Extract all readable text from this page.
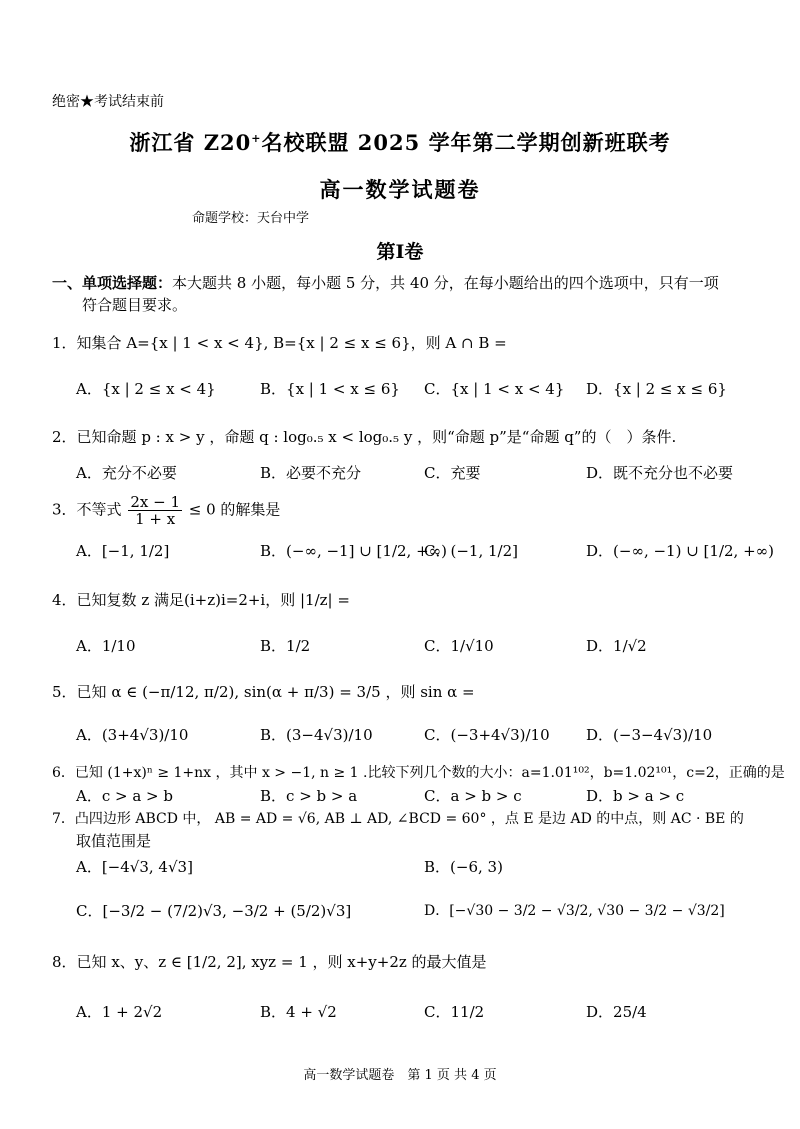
绝密★考试结束前
浙江省 Z20+名校联盟 2025 学年第二学期创新班联考
高一数学试题卷
命题学校：天台中学
第Ⅰ卷
一、单项选择题：本大题共 8 小题，每小题 5 分，共 40 分，在每小题给出的四个选项中，只有一项
符合题目要求。
1．知集合 A={x | 1 < x < 4}, B={x | 2 ≤ x ≤ 6}，则 A ∩ B =
A．{x | 2 ≤ x < 4}	B．{x | 1 < x ≤ 6} C．{x | 1 < x < 4} D．{x | 2 ≤ x ≤ 6}
2．已知命题 p : x > y ，命题 q : log₀.₅ x < log₀.₅ y ，则“命题 p”是“命题 q”的（　）条件.
A．充分不必要	B．必要不充分	C．充要	D．既不充分也不必要
3．不等式 $\frac{2x - 1}{1 + x} \le 0$ 的解集是
A．[−1, 1/2]	B．(−∞, −1] ∪ [1/2, +∞)
C．(−1, 1/2]	D．(−∞, −1) ∪ [1/2, +∞)
4．已知复数 z 满足(i+z)i=2+i，则 |1/z| =
A．1/10	B．1/2	C．1/√10	D．1/√2
5．已知 α ∈ (−π/12, π/2), sin(α + π/3) = 3/5 ，则 sin α =
A．(3+4√3)/10	B．(3−4√3)/10	C．(−3+4√3)/10 D．(−3−4√3)/10
6．已知 (1+x)ⁿ ≥ 1+nx ，其中 x > −1, n ≥ 1 .比较下列几个数的大小：a=1.01¹⁰²，b=1.02¹⁰¹，c=2，正确的是
A．c > a > b	B．c > b > a	C．a > b > c	D．b > a > c
7．凸四边形 ABCD 中， AB = AD = √6, AB ⊥ AD, ∠BCD = 60° ，点 E 是边 AD 的中点，则 AC · BE 的
取值范围是
A．[−4√3, 4√3]	B．(−6, 3)
C．[−3/2 − (7/2)√3, −3/2 + (5/2)√3]	D．[−√30 − 3/2 − √3/2, √30 − 3/2 − √3/2]
8．已知 x、y、z ∈ [1/2, 2], xyz = 1 ，则 x+y+2z 的最大值是
A．1 + 2√2	B．4 + √2	C．11/2	D．25/4
高一数学试题卷　第 1 页 共 4 页
